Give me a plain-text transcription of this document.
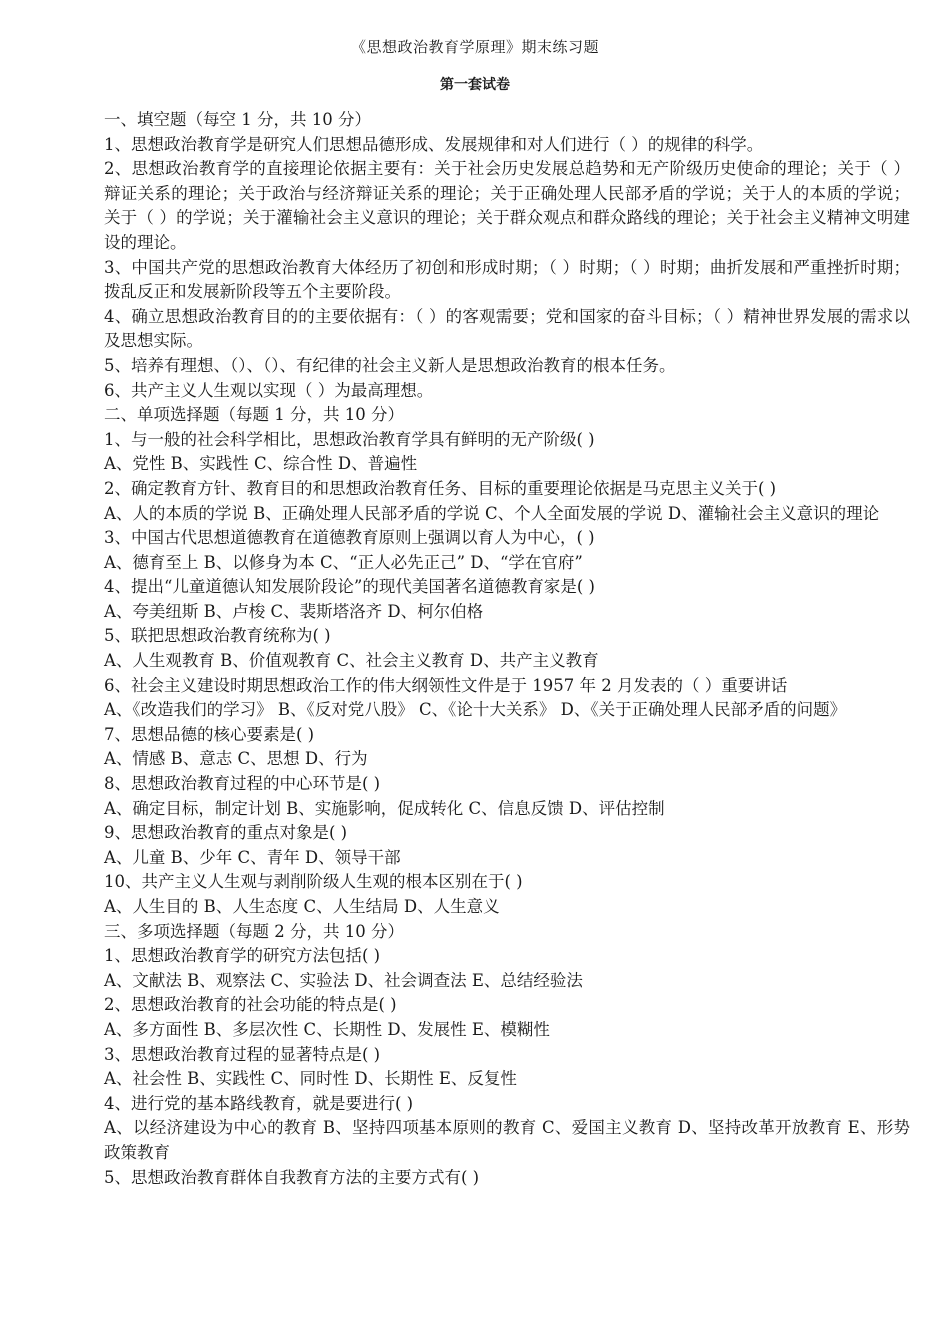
《思想政治教育学原理》期末练习题
第一套试卷
一、填空题（每空 1 分，共 10 分）
1、思想政治教育学是研究人们思想品德形成、发展规律和对人们进行（ ）的规律的科学。
2、思想政治教育学的直接理论依据主要有：关于社会历史发展总趋势和无产阶级历史使命的理论；关于（ ）辩证关系的理论；关于政治与经济辩证关系的理论；关于正确处理人民部矛盾的学说；关于人的本质的学说；关于（ ）的学说；关于灌输社会主义意识的理论；关于群众观点和群众路线的理论；关于社会主义精神文明建设的理论。
3、中国共产党的思想政治教育大体经历了初创和形成时期；（ ）时期；（ ）时期；曲折发展和严重挫折时期；拨乱反正和发展新阶段等五个主要阶段。
4、确立思想政治教育目的的主要依据有：（ ）的客观需要；党和国家的奋斗目标；（ ）精神世界发展的需求以及思想实际。
5、培养有理想、（）、（）、有纪律的社会主义新人是思想政治教育的根本任务。
6、共产主义人生观以实现（ ）为最高理想。
二、单项选择题（每题 1 分，共 10 分）
1、与一般的社会科学相比，思想政治教育学具有鲜明的无产阶级( )
A、党性 B、实践性 C、综合性 D、普遍性
2、确定教育方针、教育目的和思想政治教育任务、目标的重要理论依据是马克思主义关于( )
A、人的本质的学说 B、正确处理人民部矛盾的学说 C、个人全面发展的学说 D、灌输社会主义意识的理论
3、中国古代思想道德教育在道德教育原则上强调以育人为中心，( )
A、德育至上 B、以修身为本 C、“正人必先正己” D、“学在官府”
4、提出“儿童道德认知发展阶段论”的现代美国著名道德教育家是( )
A、夸美纽斯 B、卢梭 C、裴斯塔洛齐 D、柯尔伯格
5、联把思想政治教育统称为( )
A、人生观教育 B、价值观教育 C、社会主义教育 D、共产主义教育
6、社会主义建设时期思想政治工作的伟大纲领性文件是于 1957 年 2 月发表的（ ）重要讲话
A、《改造我们的学习》 B、《反对党八股》 C、《论十大关系》 D、《关于正确处理人民部矛盾的问题》
7、思想品德的核心要素是( )
A、情感 B、意志 C、思想 D、行为
8、思想政治教育过程的中心环节是( )
A、确定目标，制定计划 B、实施影响，促成转化 C、信息反馈 D、评估控制
9、思想政治教育的重点对象是( )
A、儿童 B、少年 C、青年 D、领导干部
10、共产主义人生观与剥削阶级人生观的根本区别在于( )
A、人生目的 B、人生态度 C、人生结局 D、人生意义
三、多项选择题（每题 2 分，共 10 分）
1、思想政治教育学的研究方法包括( )
A、文献法 B、观察法 C、实验法 D、社会调查法 E、总结经验法
2、思想政治教育的社会功能的特点是( )
A、多方面性 B、多层次性 C、长期性 D、发展性 E、模糊性
3、思想政治教育过程的显著特点是( )
A、社会性 B、实践性 C、同时性 D、长期性 E、反复性
4、进行党的基本路线教育，就是要进行( )
A、以经济建设为中心的教育 B、坚持四项基本原则的教育 C、爱国主义教育 D、坚持改革开放教育 E、形势政策教育
5、思想政治教育群体自我教育方法的主要方式有( )
